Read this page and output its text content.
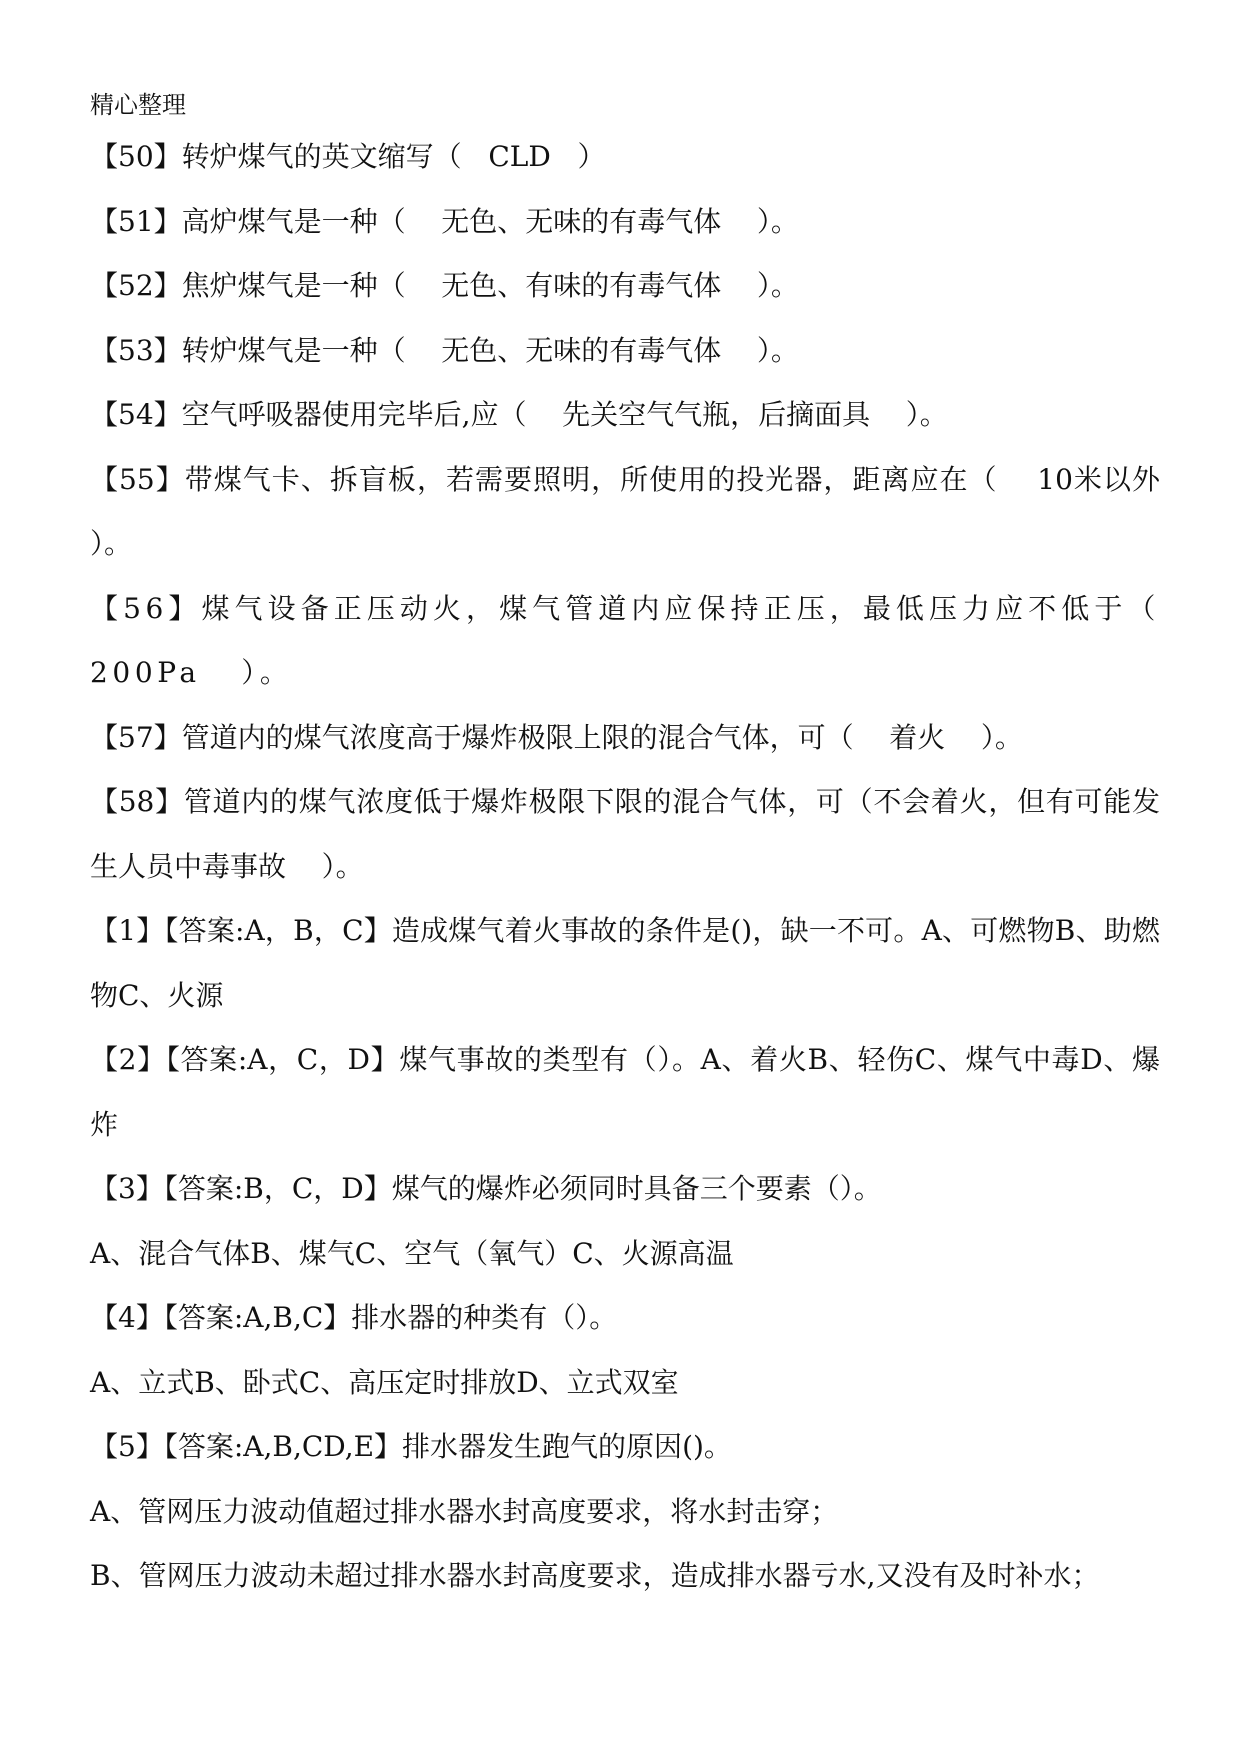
精心整理

【50】转炉煤气的英文缩写（   CLD   ）

【51】高炉煤气是一种（    无色、无味的有毒气体    ）。

【52】焦炉煤气是一种（    无色、有味的有毒气体    ）。

【53】转炉煤气是一种（    无色、无味的有毒气体    ）。

【54】空气呼吸器使用完毕后,应（    先关空气气瓶，后摘面具    ）。

【55】带煤气卡、拆盲板，若需要照明，所使用的投光器，距离应在（    10米以外    ）。

【56】煤气设备正压动火，煤气管道内应保持正压，最低压力应不低于（   200Pa   ）。

【57】管道内的煤气浓度高于爆炸极限上限的混合气体，可（    着火    ）。

【58】管道内的煤气浓度低于爆炸极限下限的混合气体，可（不会着火，但有可能发生人员中毒事故    ）。

【1】【答案:A，B，C】造成煤气着火事故的条件是()，缺一不可。A、可燃物B、助燃物C、火源

【2】【答案:A，C，D】煤气事故的类型有（）。A、着火B、轻伤C、煤气中毒D、爆炸

【3】【答案:B，C，D】煤气的爆炸必须同时具备三个要素（）。

A、混合气体B、煤气C、空气（氧气）C、火源高温

【4】【答案:A,B,C】排水器的种类有（）。

A、立式B、卧式C、高压定时排放D、立式双室

【5】【答案:A,B,CD,E】排水器发生跑气的原因()。

A、管网压力波动值超过排水器水封高度要求，将水封击穿；

B、管网压力波动未超过排水器水封高度要求，造成排水器亏水,又没有及时补水；
